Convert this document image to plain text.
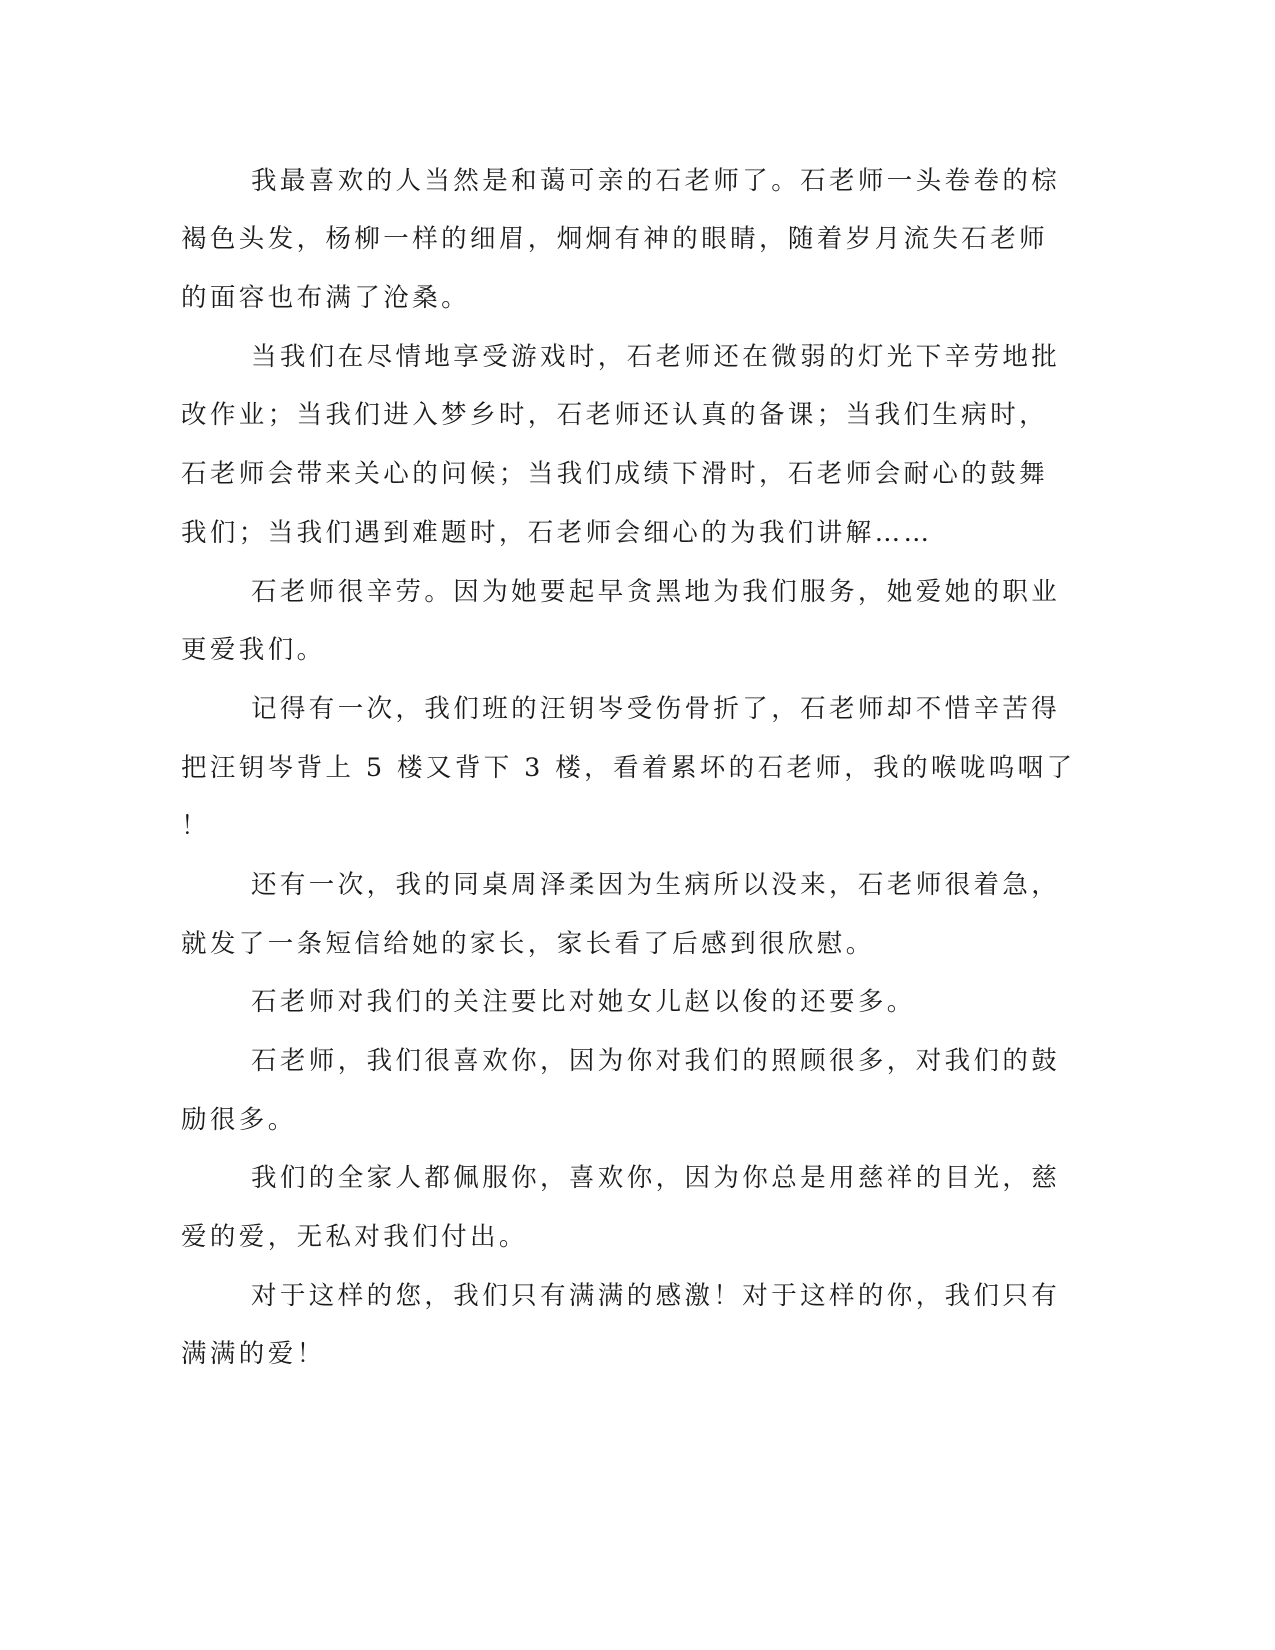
我最喜欢的人当然是和蔼可亲的石老师了。石老师一头卷卷的棕
褐色头发，杨柳一样的细眉，炯炯有神的眼睛，随着岁月流失石老师
的面容也布满了沧桑。
当我们在尽情地享受游戏时，石老师还在微弱的灯光下辛劳地批
改作业；当我们进入梦乡时，石老师还认真的备课；当我们生病时，
石老师会带来关心的问候；当我们成绩下滑时，石老师会耐心的鼓舞
我们；当我们遇到难题时，石老师会细心的为我们讲解……
石老师很辛劳。因为她要起早贪黑地为我们服务，她爱她的职业
更爱我们。
记得有一次，我们班的汪钥岑受伤骨折了，石老师却不惜辛苦得
把汪钥岑背上 5 楼又背下 3 楼，看着累坏的石老师，我的喉咙呜咽了
！
还有一次，我的同桌周泽柔因为生病所以没来，石老师很着急，
就发了一条短信给她的家长，家长看了后感到很欣慰。
石老师对我们的关注要比对她女儿赵以俊的还要多。
石老师，我们很喜欢你，因为你对我们的照顾很多，对我们的鼓
励很多。
我们的全家人都佩服你，喜欢你，因为你总是用慈祥的目光，慈
爱的爱，无私对我们付出。
对于这样的您，我们只有满满的感激！对于这样的你，我们只有
满满的爱！
